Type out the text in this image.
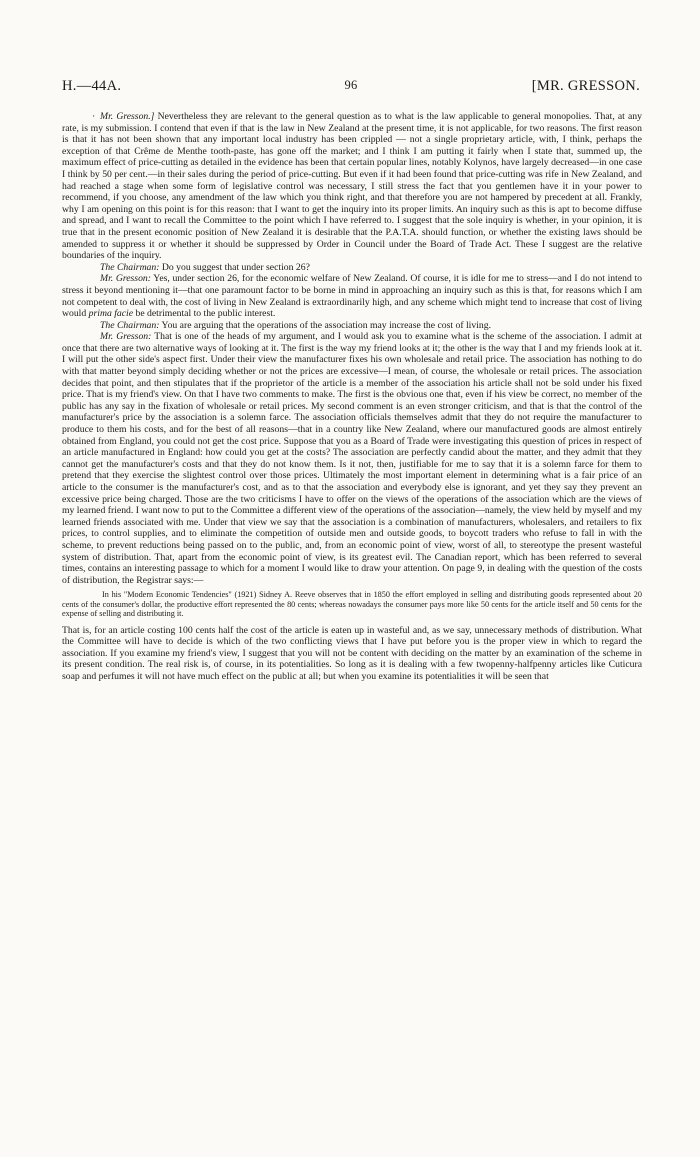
H.—44A.	96	[MR. GRESSON.

· Mr. Gresson.] Nevertheless they are relevant to the general question as to what is the law applicable to general monopolies. That, at any rate, is my submission. I contend that even if that is the law in New Zealand at the present time, it is not applicable, for two reasons. The first reason is that it has not been shown that any important local industry has been crippled — not a single proprietary article, with, I think, perhaps the exception of that Crême de Menthe tooth-paste, has gone off the market; and I think I am putting it fairly when I state that, summed up, the maximum effect of price-cutting as detailed in the evidence has been that certain popular lines, notably Kolynos, have largely decreased—in one case I think by 50 per cent.—in their sales during the period of price-cutting. But even if it had been found that price-cutting was rife in New Zealand, and had reached a stage when some form of legislative control was necessary, I still stress the fact that you gentlemen have it in your power to recommend, if you choose, any amendment of the law which you think right, and that therefore you are not hampered by precedent at all. Frankly, why I am opening on this point is for this reason: that I want to get the inquiry into its proper limits. An inquiry such as this is apt to become diffuse and spread, and I want to recall the Committee to the point which I have referred to. I suggest that the sole inquiry is whether, in your opinion, it is true that in the present economic position of New Zealand it is desirable that the P.A.T.A. should function, or whether the existing laws should be amended to suppress it or whether it should be suppressed by Order in Council under the Board of Trade Act. These I suggest are the relative boundaries of the inquiry.

The Chairman: Do you suggest that under section 26?

Mr. Gresson: Yes, under section 26, for the economic welfare of New Zealand. Of course, it is idle for me to stress—and I do not intend to stress it beyond mentioning it—that one paramount factor to be borne in mind in approaching an inquiry such as this is that, for reasons which I am not competent to deal with, the cost of living in New Zealand is extraordinarily high, and any scheme which might tend to increase that cost of living would prima facie be detrimental to the public interest.

The Chairman: You are arguing that the operations of the association may increase the cost of living.

Mr. Gresson: That is one of the heads of my argument, and I would ask you to examine what is the scheme of the association. I admit at once that there are two alternative ways of looking at it. The first is the way my friend looks at it; the other is the way that I and my friends look at it. I will put the other side's aspect first. Under their view the manufacturer fixes his own wholesale and retail price. The association has nothing to do with that matter beyond simply deciding whether or not the prices are excessive—I mean, of course, the wholesale or retail prices. The association decides that point, and then stipulates that if the proprietor of the article is a member of the association his article shall not be sold under his fixed price. That is my friend's view. On that I have two comments to make. The first is the obvious one that, even if his view be correct, no member of the public has any say in the fixation of wholesale or retail prices. My second comment is an even stronger criticism, and that is that the control of the manufacturer's price by the association is a solemn farce. The association officials themselves admit that they do not require the manufacturer to produce to them his costs, and for the best of all reasons—that in a country like New Zealand, where our manufactured goods are almost entirely obtained from England, you could not get the cost price. Suppose that you as a Board of Trade were investigating this question of prices in respect of an article manufactured in England: how could you get at the costs? The association are perfectly candid about the matter, and they admit that they cannot get the manufacturer's costs and that they do not know them. Is it not, then, justifiable for me to say that it is a solemn farce for them to pretend that they exercise the slightest control over those prices. Ultimately the most important element in determining what is a fair price of an article to the consumer is the manufacturer's cost, and as to that the association and everybody else is ignorant, and yet they say they prevent an excessive price being charged. Those are the two criticisms I have to offer on the views of the operations of the association which are the views of my learned friend. I want now to put to the Committee a different view of the operations of the association—namely, the view held by myself and my learned friends associated with me. Under that view we say that the association is a combination of manufacturers, wholesalers, and retailers to fix prices, to control supplies, and to eliminate the competition of outside men and outside goods, to boycott traders who refuse to fall in with the scheme, to prevent reductions being passed on to the public, and, from an economic point of view, worst of all, to stereotype the present wasteful system of distribution. That, apart from the economic point of view, is its greatest evil. The Canadian report, which has been referred to several times, contains an interesting passage to which for a moment I would like to draw your attention. On page 9, in dealing with the question of the costs of distribution, the Registrar says:—

In his "Modern Economic Tendencies" (1921) Sidney A. Reeve observes that in 1850 the effort employed in selling and distributing goods represented about 20 cents of the consumer's dollar, the productive effort represented the 80 cents; whereas nowadays the consumer pays more like 50 cents for the article itself and 50 cents for the expense of selling and distributing it.

That is, for an article costing 100 cents half the cost of the article is eaten up in wasteful and, as we say, unnecessary methods of distribution. What the Committee will have to decide is which of the two conflicting views that I have put before you is the proper view in which to regard the association. If you examine my friend's view, I suggest that you will not be content with deciding on the matter by an examination of the scheme in its present condition. The real risk is, of course, in its potentialities. So long as it is dealing with a few twopenny-halfpenny articles like Cuticura soap and perfumes it will not have much effect on the public at all; but when you examine its potentialities it will be seen that
